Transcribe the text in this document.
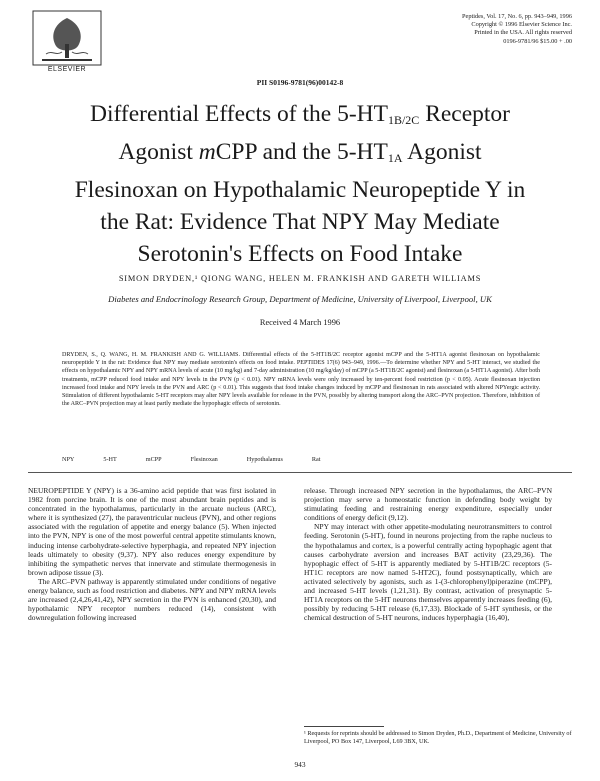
ELSEVIER
Peptides, Vol. 17, No. 6, pp. 943–949, 1996
Copyright © 1996 Elsevier Science Inc.
Printed in the USA. All rights reserved
0196-9781/96 $15.00 + .00
PII S0196-9781(96)00142-8
Differential Effects of the $5-HT_{1B/2C}$ Receptor
Agonist mCPP and the $5-HT_{1A}$ Agonist
Flesinoxan on Hypothalamic Neuropeptide Y in
the Rat: Evidence That NPY May Mediate
Serotonin's Effects on Food Intake
SIMON DRYDEN,¹ QIONG WANG, HELEN M. FRANKISH AND GARETH WILLIAMS
Diabetes and Endocrinology Research Group, Department of Medicine, University of Liverpool, Liverpool, UK
Received 4 March 1996
DRYDEN, S., Q. WANG, H. M. FRANKISH AND G. WILLIAMS. Differential effects of the 5-HT1B/2C receptor agonist mCPP and the 5-HT1A agonist flesinoxan on hypothalamic neuropeptide Y in the rat: Evidence that NPY may mediate serotonin's effects on food intake. PEPTIDES 17(6) 943–949, 1996.—To determine whether NPY and 5-HT interact, we studied the effects on hypothalamic NPY and NPY mRNA levels of acute (10 mg/kg) and 7-day administration (10 mg/kg/day) of mCPP (a 5-HT1B/2C agonist) and flesinoxan (a 5-HT1A agonist). After both treatments, mCPP reduced food intake and NPY levels in the PVN (p < 0.01). NPY mRNA levels were only increased by ten-percent food restriction (p < 0.05). Acute flesinoxan injection increased food intake and NPY levels in the PVN and ARC (p < 0.01). This suggests that food intake changes induced by mCPP and flesinoxan in rats associated with altered NPYergic activity. Stimulation of different hypothalamic 5-HT receptors may alter NPY levels available for release in the PVN, possibly by altering transport along the ARC–PVN projection. Therefore, inhibition of the ARC–PVN projection may at least partly mediate the hypophagic effects of serotonin.
NPY	5-HT	mCPP	Flesinoxan	Hypothalamus	Rat

NEUROPEPTIDE Y (NPY) is a 36-amino acid peptide that was first isolated in 1982 from porcine brain. It is one of the most abundant brain peptides and is concentrated in the hypothalamus, particularly in the arcuate nucleus (ARC), where it is synthesized (27), the paraventricular nucleus (PVN), and other regions associated with the regulation of appetite and energy balance (5). When injected into the PVN, NPY is one of the most powerful central appetite stimulants known, inducing intense carbohydrate-selective hyperphagia, and repeated NPY injection leads ultimately to obesity (9,37). NPY also reduces energy expenditure by inhibiting the sympathetic nerves that innervate and stimulate thermogenesis in brown adipose tissue (3).

The ARC–PVN pathway is apparently stimulated under conditions of negative energy balance, such as food restriction and diabetes. NPY and NPY mRNA levels are increased (2,4,26,41,42), NPY secretion in the PVN is enhanced (20,30), and hypothalamic NPY receptor numbers reduced (14), consistent with downregulation following increased

release. Through increased NPY secretion in the hypothalamus, the ARC–PVN projection may serve a homeostatic function in defending body weight by stimulating feeding and restraining energy expenditure, especially under conditions of energy deficit (9,12).

NPY may interact with other appetite-modulating neurotransmitters to control feeding. Serotonin (5-HT), found in neurons projecting from the raphe nucleus to the hypothalamus and cortex, is a powerful centrally acting hypophagic agent that causes carbohydrate aversion and increases BAT activity (23,29,36). The hypophagic effect of 5-HT is apparently mediated by 5-HT1B/2C receptors (5-HT1C receptors are now named 5-HT2C), found postsynaptically, which are activated selectively by agonists, such as 1-(3-chlorophenyl)piperazine (mCPP), and increased 5-HT levels (1,21,31). By contrast, activation of presynaptic 5-HT1A receptors on the 5-HT neurons themselves apparently increases feeding (6), possibly by reducing 5-HT release (6,17,33). Blockade of 5-HT synthesis, or the chemical destruction of 5-HT neurons, induces hyperphagia (16,40),

¹ Requests for reprints should be addressed to Simon Dryden, Ph.D., Department of Medicine, University of Liverpool, PO Box 147, Liverpool, L69 3BX, UK.
943
